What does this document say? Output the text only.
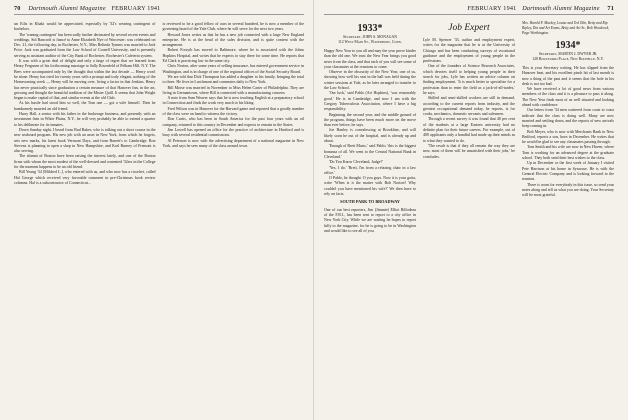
70 Dartmouth Alumni Magazine FEBRUARY 1941

un Eilis in Khaki would be appreciated, especially by '32's wearing contingent of bachelors.

The 'waning contingent' has been sadly further decimated by several recent events and weddings. Sid Bancroft is fiancé to Anne Elizabeth Nye of Worcester; was celebrated on Dec. 21, the following day, in Rochester, N.Y., Miss Belinda Tymms was married to Jack Price. Jack was graduated from the Law School of Cornell University, and is presently serving as assistant auditor of the City Bank of Rochester, Rochester's Cafeteria system.

It was with a great deal of delight and only a tinge of regret that we learned from Henry Fergusen of his forthcoming marriage to Sally Rosenfeld of Pelham Hill, N.Y. The Bees were accompanied only by the thought that within the last decade — Henry won't be alone. Henry has tried for twenty years with a prompt and truly elegant, nothing of the Homecoming week — Henry will be moving over, living a factor in that Jenkins. Henry has never practically since graduation a certain measure of that Hanover Inn, in the art, growing and thought the beautiful tradition of the Mister Quill. It seems that John Wright began to make capital of that, and similar events at the old Club.

As his hustle had stood him so well, the Tom one — got a wife himself. Then he handsomely married an old friend.

Harry Hall, a senior with his father in the brokerage business, and presently with an investment firm in White Plains, N.Y., he will very probably be able to extend a quarter to his deliberate for its inmates.

Down Sunday night, I heard from Bud Baker, who is talking out a short course in the new seaboard program. His new job with an asset in New York, from which he forgets, sets new marks, his latest book Vermont Days, and from Barrett's to Cambridge. Ron Stevens is planning to open a shop in New Hampshire, and Karl Burney of Fremont is also serving.

The alumni of Boston have been raising the interest lately, and one of the Boston firms with whom the most modest of the well-dressed and contented '32ers in the College for the moment happens to be an old friend.

Bill Yeung '34 [Mildred L.], who entered with us, and who now has a ricochet, called Hal George which received very favorable comment in pre-Christmas book review columns. Hal is a subcontractor of Connecticut...

is reviewed to be a good fellow of ours in several hundred, he is now a member of the governing board of the Yale Club, where he will serve for the next two years.

Howard Jones writes us that he has a new job connected with a large New England enterprise. He is at the head of the sales division, and is quite content with the arrangement.

Robert Forsyth has moved to Baltimore, where he is associated with the Johns Hopkins Hospital, and writes that he expects to stay there for some time. He reports that Ed Clark is practicing law in the same city.

Chris Norton, after some years of selling insurance, has entered government service in Washington, and is in charge of one of the regional offices of the Social Security Board.

We are told that Dick Thompson has added a daughter to his family, bringing the total to three. He lives in Larchmont and commutes daily to New York.

Bill Morse was married in November to Miss Helen Carter of Philadelphia. They are living in Germantown, where Bill is connected with a manufacturing concern.

A note from Sam Weaver says that he is now teaching English at a preparatory school in Connecticut and finds the work very much to his liking.

Fred Wilson was in Hanover for the Harvard game and reported that a goodly number of the class were on hand to witness the victory.

Don Curtis, who has been in South America for the past four years with an oil company, returned to this country in December and expects to remain in the States.

Jim Lowell has opened an office for the practice of architecture in Hartford and is busy with several residential commissions.

Al Peterson is now with the advertising department of a national magazine in New York, and says he sees many of the class around town.

FEBRUARY 1941 Dartmouth Alumni Magazine 71
1933*
Secretary, JOHN S. MONAGAN
112 West Main St., Waterbury, Conn.

Happy New Year to you all and may the year prove kinder than the old one. We trust the New Year brings you good news from the class, and that each of you will see some of your classmates at the reunions to come.

Observe in the obscurity of the New Year, one of us, showing how well his seat in the hall was held during the winter sessions at Yale, as he later arranged to transfer to the Law School.

'Our luck,' said Pablo (Art Hopkins), 'was reasonably good.' He is in Cambridge, and now I am with the Gregory Tuberculosis Association, where I have a big responsibility.

Beginning the second year, and the middle ground of the program, things have been much more on the move than ever before, he says.

Joe Hanley is convalescing at Brookline, and will likely soon be out of the hospital, and is already up and about.

'Enough of Brett Music,' said Pablo, 'this is the biggest bonanza of all. We went to the Central National Bank in Cleveland.'

'Do You Know Cleveland, Judge?'

'Yes, I do.' 'Brett, I'm from a relaxing chair in a law office.'

O Pablo, he thought. O you guys. Now it is your gotta, write 'When is it the matter with Bob Norton? Why couldn't you have mentioned his wife?' We then have to rely on facts.

SOUTH PARK TO BROADWAY

One of our best reporters, Jim (Jimmie) Elliot Billodeau of the F.B.I., has been sent to report to a city office in New York City. While we are waiting he hopes to report fully to the magazine, for he is going to be in Washington and would like to see all of you.

Job Expert

Lyle M. Spencer '33, author and employment expert, writes for the magazine that he is at the University of Chicago and has been conducting surveys of vocational guidance and the employment of young people in the professions.

One of the founders of Science Research Associates, which devotes itself to helping young people in their search for jobs, Lyle has written an advice column on finding employment. 'It is much better to specialize for a profession than to enter the field as a jack-of-all-trades,' he says.

Skilled and semi-skilled workers are still in demand, according to the current reports from industry, and the greatest occupational demand today, he reports, is for cooks, mechanics, domestic servants and salesmen.

Through a recent survey it was found that 40 per cent of the students at a large Eastern university had no definite plan for their future careers. For example, out of 400 applicants only a handful had made up their minds as to what they wanted to do.

'The result is that if they all remain the way they are now, most of them will be unsatisfied with their jobs,' he concludes.

Mrs. Harold F. Mackey, Louise and Ted Olin, Betty and Rip Ripley, Dot and Art Evans, Betty and Art Sr., Bob Woodcock, Page Worthington.
1934*
Secretary, MARTIN J. DWYER JR.
128 Boulevard Place, New Rochelle, N.Y.

This is your Secretary writing. He has slipped from the Hanover beat, and his excellent pinch hit of last month is now a thing of the past and it seems that the hole in his desk is not too bad.

We have received a lot of good news from various members of the class and it is a pleasure to pass it along. The New Year finds most of us well situated and looking ahead with confidence.

Our letters from '34 men scattered from coast to coast indicate that the class is doing well. Many are now married and settling down, and the reports of new arrivals keep coming in.

Bob Meyer, who is now with Merchants Bank in New Bedford, reports a son, born in December. He writes that he would be glad to see any classmates passing through.

Tom Smith and his wife are now in New Haven, where Tom is working for an advanced degree at the graduate school. They both send their best wishes to the class.

Up in December or the first week of January I visited Pete Harrison at his home in Syracuse. He is with the General Electric Company and is looking forward to the reunion.

There is room for everybody in this issue, so send your notes along and tell us what you are doing. Your Secretary will be most grateful.
